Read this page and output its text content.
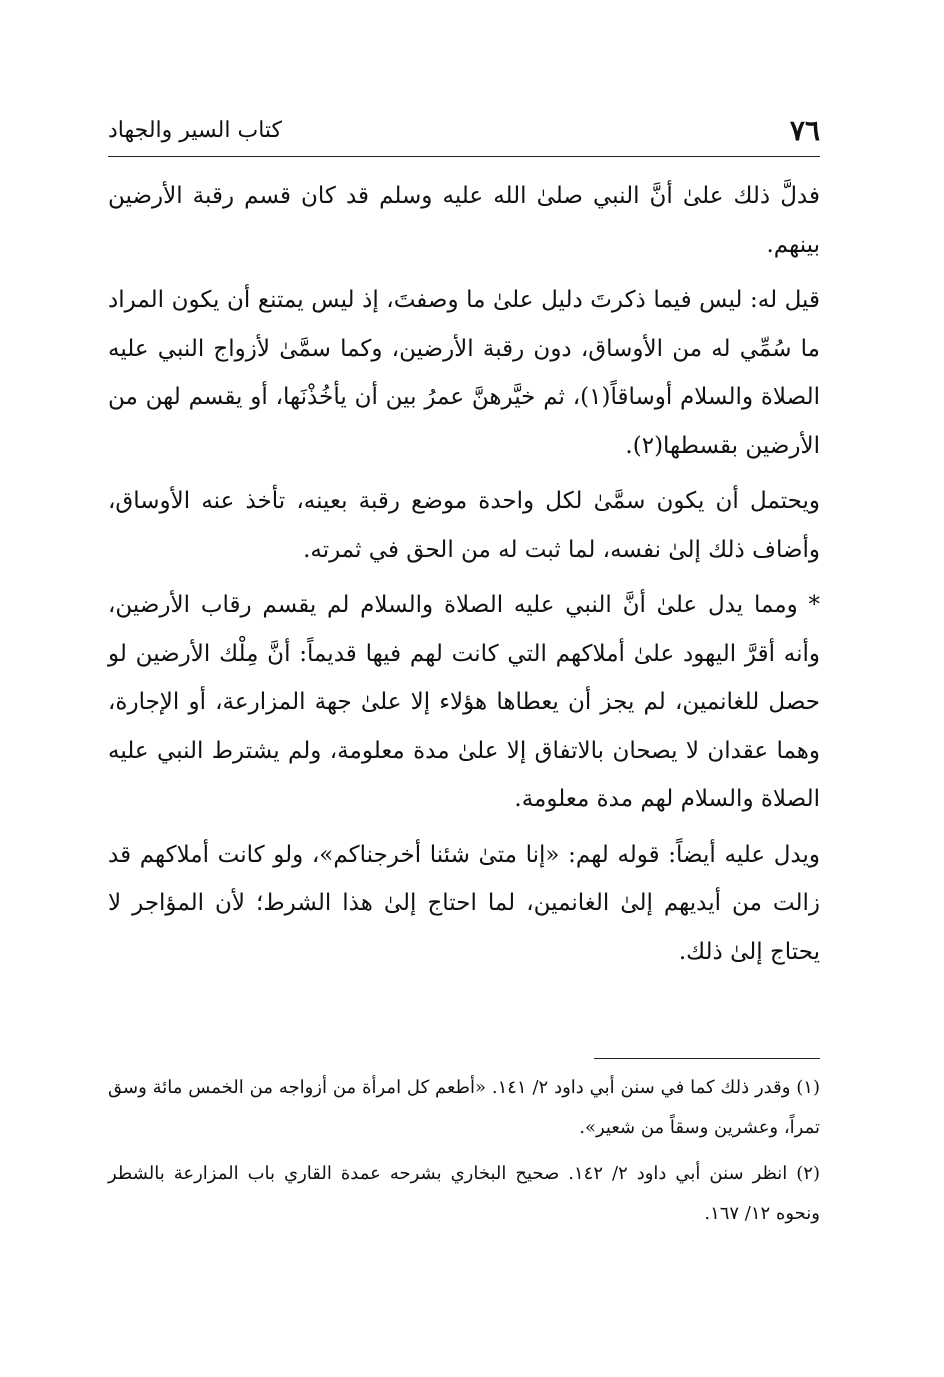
٧٦
كتاب السير والجهاد

فدلَّ ذلك علىٰ أنَّ النبي صلىٰ الله عليه وسلم قد كان قسم رقبة الأرضين بينهم.

قيل له: ليس فيما ذكرتَ دليل علىٰ ما وصفتَ، إذ ليس يمتنع أن يكون المراد ما سُمِّي له من الأوساق، دون رقبة الأرضين، وكما سمَّىٰ لأزواج النبي عليه الصلاة والسلام أوساقاً(١)، ثم خيَّرهنَّ عمرُ بين أن يأخُذْنَها، أو يقسم لهن من الأرضين بقسطها(٢).

ويحتمل أن يكون سمَّىٰ لكل واحدة موضع رقبة بعينه، تأخذ عنه الأوساق، وأضاف ذلك إلىٰ نفسه، لما ثبت له من الحق في ثمرته.

* ومما يدل علىٰ أنَّ النبي عليه الصلاة والسلام لم يقسم رقاب الأرضين، وأنه أقرَّ اليهود علىٰ أملاكهم التي كانت لهم فيها قديماً: أنَّ مِلْك الأرضين لو حصل للغانمين، لم يجز أن يعطاها هؤلاء إلا علىٰ جهة المزارعة، أو الإجارة، وهما عقدان لا يصحان بالاتفاق إلا علىٰ مدة معلومة، ولم يشترط النبي عليه الصلاة والسلام لهم مدة معلومة.

ويدل عليه أيضاً: قوله لهم: «إنا متىٰ شئنا أخرجناكم»، ولو كانت أملاكهم قد زالت من أيديهم إلىٰ الغانمين، لما احتاج إلىٰ هذا الشرط؛ لأن المؤاجر لا يحتاج إلىٰ ذلك.

(١) وقدر ذلك كما في سنن أبي داود ٢/ ١٤١. «أطعم كل امرأة من أزواجه من الخمس مائة وسق تمراً، وعشرين وسقاً من شعير».

(٢) انظر سنن أبي داود ٢/ ١٤٢. صحيح البخاري بشرحه عمدة القاري باب المزارعة بالشطر ونحوه ١٢/ ١٦٧.
